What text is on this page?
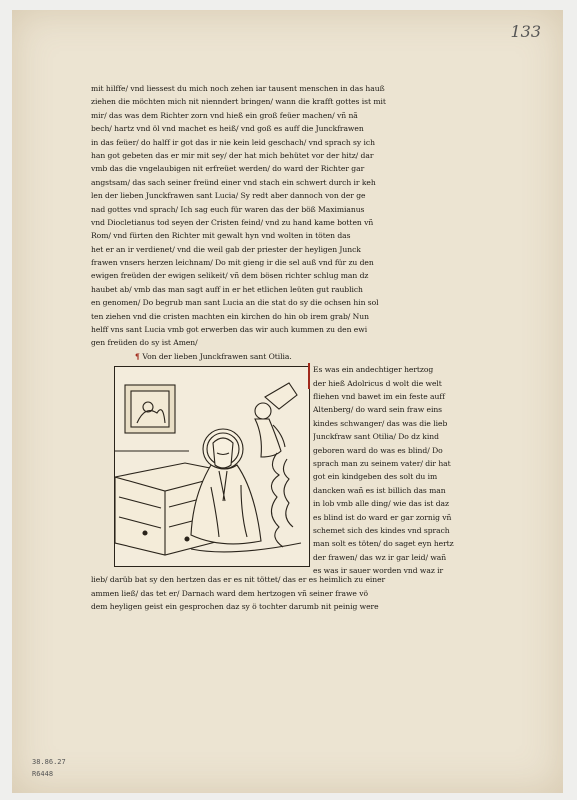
133
mit hilffe/ vnd liessest du mich noch zehen iar tausent menschen in das hauß
ziehen die möchten mich nit nienndert bringen/ wann die krafft gottes ist mit
mir/ das was dem Richter zorn vnd hieß ein groß feüer machen/ vñ nã
bech/ hartz vnd öl vnd machet es heiß/ vnd goß es auff die Junckfrawen
in das feüer/ do halff ir got das ir nie kein leid geschach/ vnd sprach sy ich
han got gebeten das er mir mit sey/ der hat mich behütet vor der hitz/ dar
vmb das die vngelaubigen nit erfreüet werden/ do ward der Richter gar
angstsam/ das sach seiner freünd einer vnd stach ein schwert durch ir keh
len der lieben Junckfrawen sant Lucia/ Sy redt aber dannoch von der ge
nad gottes vnd sprach/ Ich sag euch für waren das der böß Maximianus
vnd Diocletianus tod seyen der Cristen feind/ vnd zu hand kame botten vñ
Rom/ vnd fürten den Richter mit gewalt hyn vnd wolten in töten das
het er an ir verdienet/ vnd die weil gab der priester der heyligen Junck
frawen vnsers herzen leichnam/ Do mit gieng ir die sel auß vnd für zu den
ewigen freüden der ewigen selikeit/ vñ dem bösen richter schlug man dz
haubet ab/ vmb das man sagt auff in er het etlichen leüten gut raublich
en genomen/ Do begrub man sant Lucia an die stat do sy die ochsen hin sol
ten ziehen vnd die cristen machten ein kirchen do hin ob irem grab/ Nun
helff vns sant Lucia vmb got erwerben das wir auch kummen zu den ewi
gen freüden do sy ist Amen/
¶ Von der lieben Junckfrawen sant Otilia.
Es was ein andechtiger hertzog
der hieß Adolricus d wolt die welt
fliehen vnd bawet im ein feste auff
Altenberg/ do ward sein fraw eins
kindes schwanger/ das was die lieb
Junckfraw sant Otilia/ Do dz kind
geboren ward do was es blind/ Do
sprach man zu seinem vater/ dir hat
got ein kindgeben des solt du im
dancken wañ es ist billich das man
in lob vmb alle ding/ wie das ist daz
es blind ist do ward er gar zornig vñ
schemet sich des kindes vnd sprach
man solt es töten/ do saget eyn hertz
der frawen/ das wz ir gar leid/ wañ
es was ir sauer worden vnd waz ir
lieb/ darüb bat sy den hertzen das er es nit töttet/ das er es heimlich zu einer
ammen ließ/ das tet er/ Darnach ward dem hertzogen vñ seiner frawe vö
dem heyligen geist ein gesprochen daz sy ö tochter darumb nit peinig were
38.86.27
R6448
